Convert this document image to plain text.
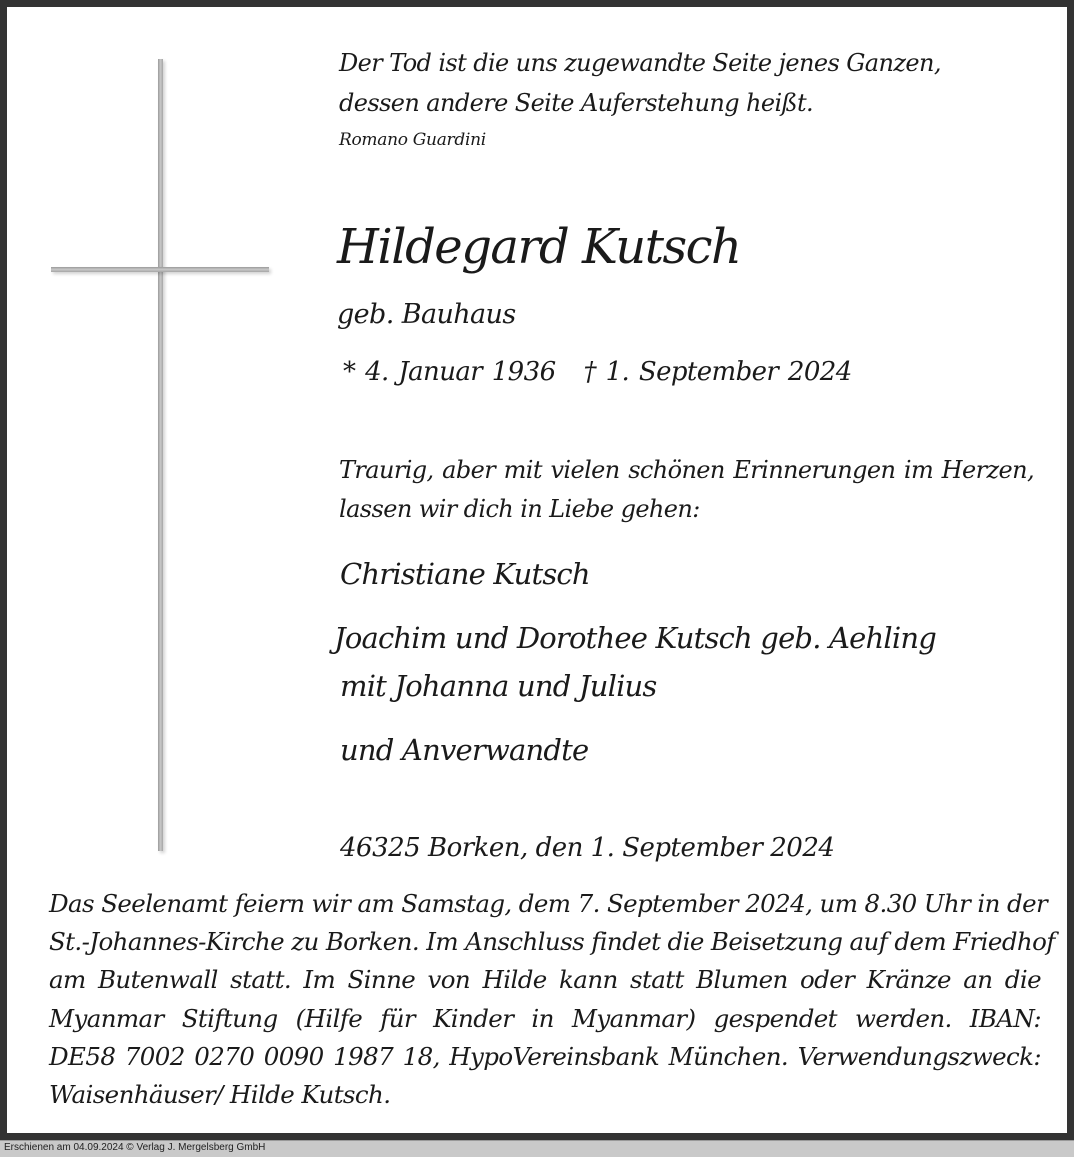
Der Tod ist die uns zugewandte Seite jenes Ganzen,
dessen andere Seite Auferstehung heißt.
Romano Guardini
Hildegard Kutsch
geb. Bauhaus
* 4. Januar 1936 † 1. September 2024
Traurig, aber mit vielen schönen Erinnerungen im Herzen,
lassen wir dich in Liebe gehen:
Christiane Kutsch
Joachim und Dorothee Kutsch geb. Aehling
mit Johanna und Julius
und Anverwandte
46325 Borken, den 1. September 2024
Das Seelenamt feiern wir am Samstag, dem 7. September 2024, um 8.30 Uhr in der
St.-Johannes-Kirche zu Borken. Im Anschluss findet die Beisetzung auf dem Friedhof
am Butenwall statt. Im Sinne von Hilde kann statt Blumen oder Kränze an die
Myanmar Stiftung (Hilfe für Kinder in Myanmar) gespendet werden. IBAN:
DE58 7002 0270 0090 1987 18, HypoVereinsbank München. Verwendungszweck:
Waisenhäuser/ Hilde Kutsch.
Erschienen am 04.09.2024 © Verlag J. Mergelsberg GmbH
